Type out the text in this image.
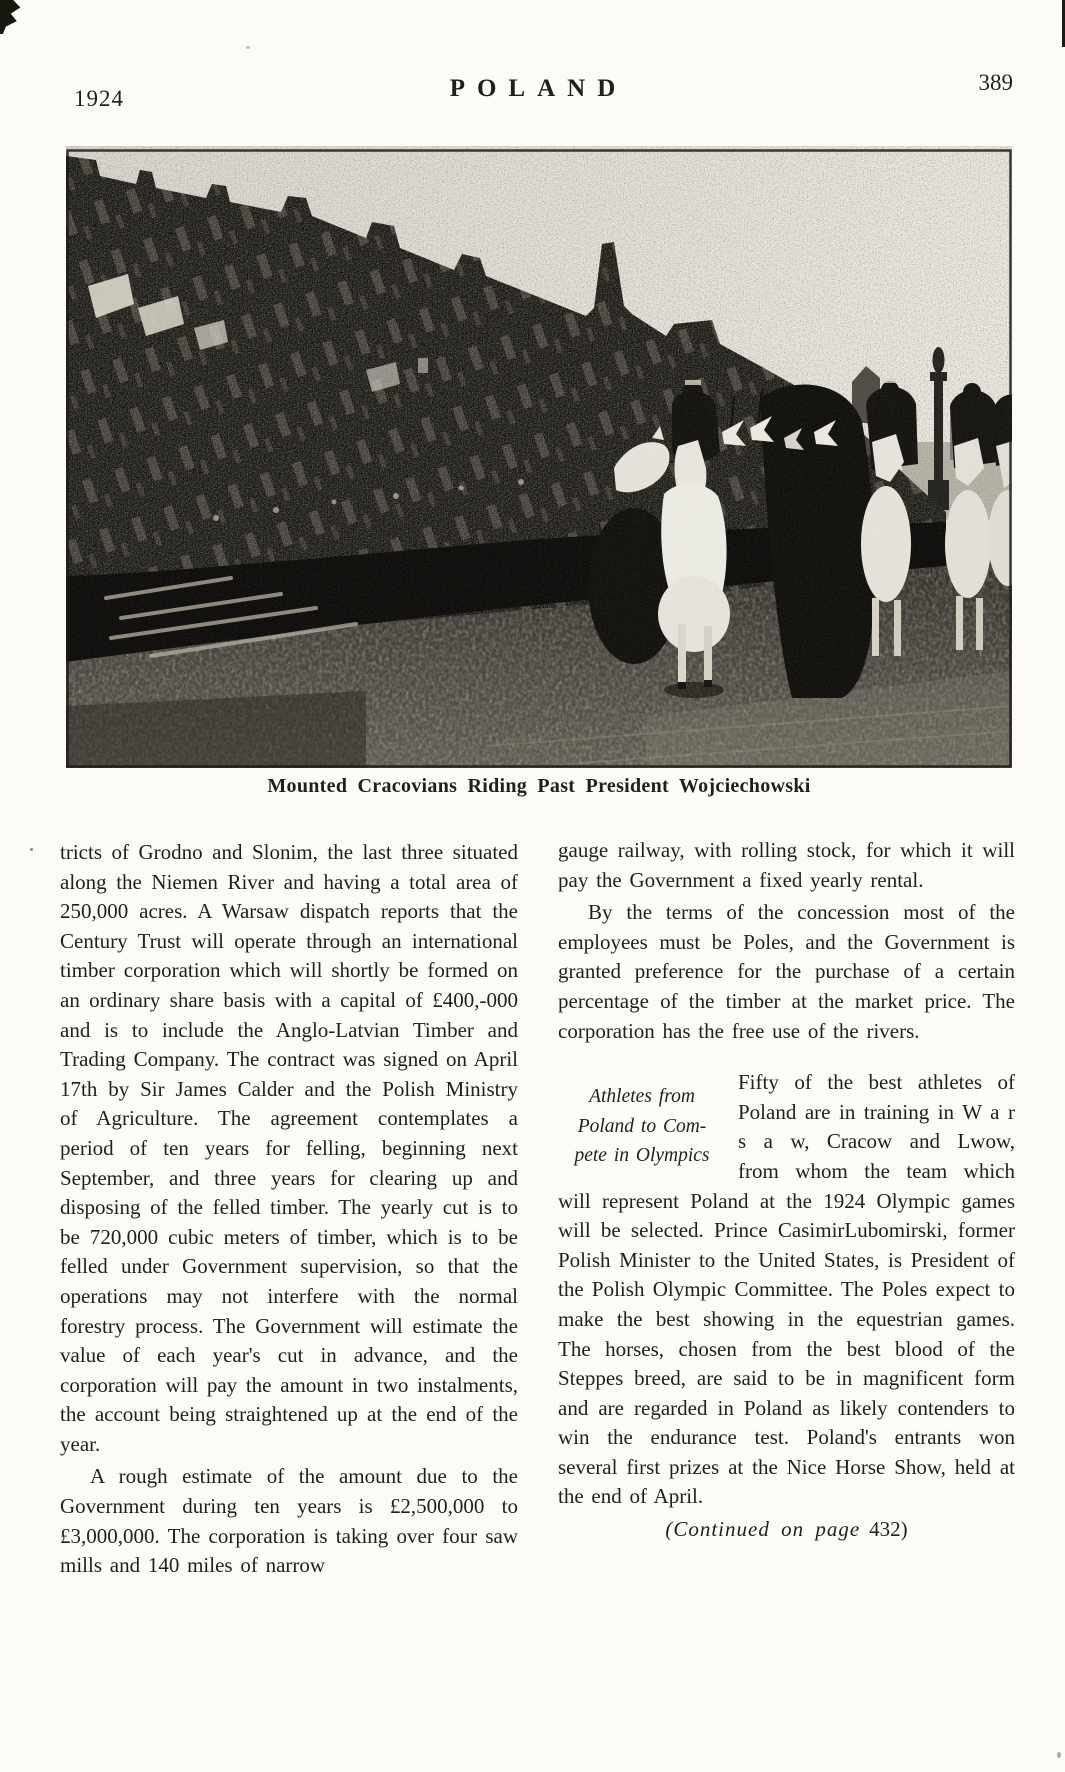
1924	POLAND	389
Mounted Cracovians Riding Past President Wojciechowski

tricts of Grodno and Slonim, the last three situated along the Niemen River and having a total area of 250,000 acres. A Warsaw dispatch reports that the Century Trust will operate through an international timber corporation which will shortly be formed on an ordinary share basis with a capital of £400,-000 and is to include the Anglo-Latvian Timber and Trading Company. The contract was signed on April 17th by Sir James Calder and the Polish Ministry of Agriculture. The agreement contemplates a period of ten years for felling, beginning next September, and three years for clearing up and disposing of the felled timber. The yearly cut is to be 720,000 cubic meters of timber, which is to be felled under Government supervision, so that the operations may not interfere with the normal forestry process. The Government will estimate the value of each year's cut in advance, and the corporation will pay the amount in two instalments, the account being straightened up at the end of the year.

A rough estimate of the amount due to the Government during ten years is £2,500,000 to £3,000,000. The corporation is taking over four saw mills and 140 miles of narrow

gauge railway, with rolling stock, for which it will pay the Government a fixed yearly rental.

By the terms of the concession most of the employees must be Poles, and the Government is granted preference for the purchase of a certain percentage of the timber at the market price. The corporation has the free use of the rivers.

Athletes from
Poland to Com-
pete in Olympics

Fifty of the best athletes of Poland are in training in W a r s a w, Cracow and Lwow, from whom the team which will represent Poland at the 1924 Olympic games will be selected. Prince CasimirLubomirski, former Polish Minister to the United States, is President of the Polish Olympic Committee. The Poles expect to make the best showing in the equestrian games. The horses, chosen from the best blood of the Steppes breed, are said to be in magnificent form and are regarded in Poland as likely contenders to win the endurance test. Poland's entrants won several first prizes at the Nice Horse Show, held at the end of April.

(Continued on page 432)
